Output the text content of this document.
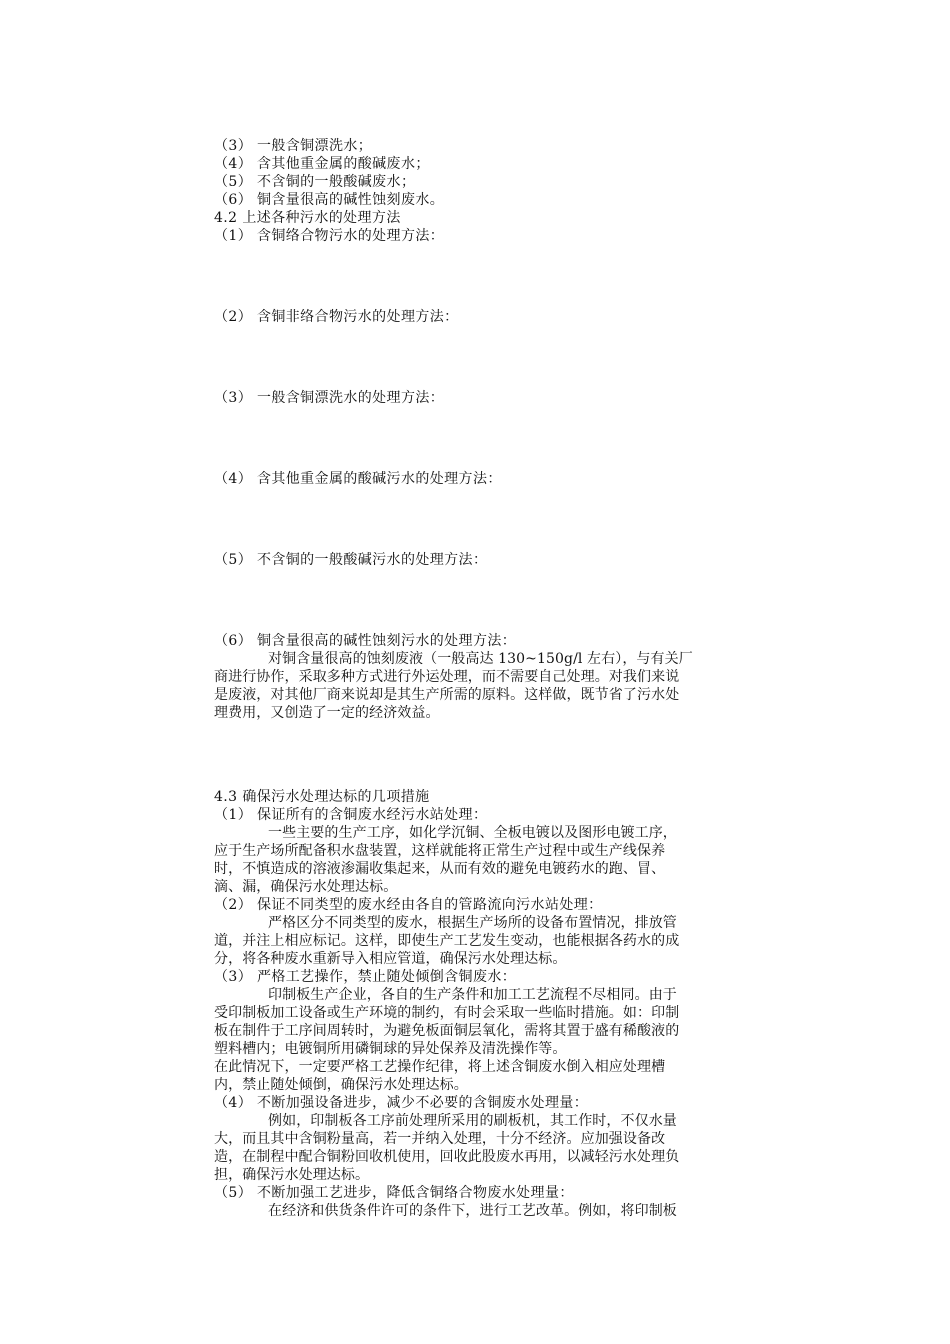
（3） 一般含铜漂洗水；

（4） 含其他重金属的酸碱废水；

（5） 不含铜的一般酸碱废水；

（6） 铜含量很高的碱性蚀刻废水。

4.2 上述各种污水的处理方法

（1） 含铜络合物污水的处理方法：

（2） 含铜非络合物污水的处理方法：

（3） 一般含铜漂洗水的处理方法：

（4） 含其他重金属的酸碱污水的处理方法：

（5） 不含铜的一般酸碱污水的处理方法：

（6） 铜含量很高的碱性蚀刻污水的处理方法：

对铜含量很高的蚀刻废液（一般高达 130~150g/l 左右），与有关厂

商进行协作，采取多种方式进行外运处理，而不需要自己处理。对我们来说

是废液，对其他厂商来说却是其生产所需的原料。这样做，既节省了污水处

理费用，又创造了一定的经济效益。

4.3 确保污水处理达标的几项措施

（1） 保证所有的含铜废水经污水站处理：

一些主要的生产工序，如化学沉铜、全板电镀以及图形电镀工序，

应于生产场所配备积水盘装置，这样就能将正常生产过程中或生产线保养

时，不慎造成的溶液渗漏收集起来，从而有效的避免电镀药水的跑、冒、

滴、漏，确保污水处理达标。

（2） 保证不同类型的废水经由各自的管路流向污水站处理：

严格区分不同类型的废水，根据生产场所的设备布置情况，排放管

道，并注上相应标记。这样，即使生产工艺发生变动，也能根据各药水的成

分，将各种废水重新导入相应管道，确保污水处理达标。

（3） 严格工艺操作，禁止随处倾倒含铜废水：

印制板生产企业，各自的生产条件和加工工艺流程不尽相同。由于

受印制板加工设备或生产环境的制约，有时会采取一些临时措施。如：印制

板在制件于工序间周转时，为避免板面铜层氧化，需将其置于盛有稀酸液的

塑料槽内；电镀铜所用磷铜球的异处保养及清洗操作等。

在此情况下，一定要严格工艺操作纪律，将上述含铜废水倒入相应处理槽

内，禁止随处倾倒，确保污水处理达标。

（4） 不断加强设备进步，减少不必要的含铜废水处理量：

例如，印制板各工序前处理所采用的刷板机，其工作时，不仅水量

大，而且其中含铜粉量高，若一并纳入处理，十分不经济。应加强设备改

造，在制程中配合铜粉回收机使用，回收此股废水再用，以减轻污水处理负

担，确保污水处理达标。

（5） 不断加强工艺进步，降低含铜络合物废水处理量：

在经济和供货条件许可的条件下，进行工艺改革。例如，将印制板
